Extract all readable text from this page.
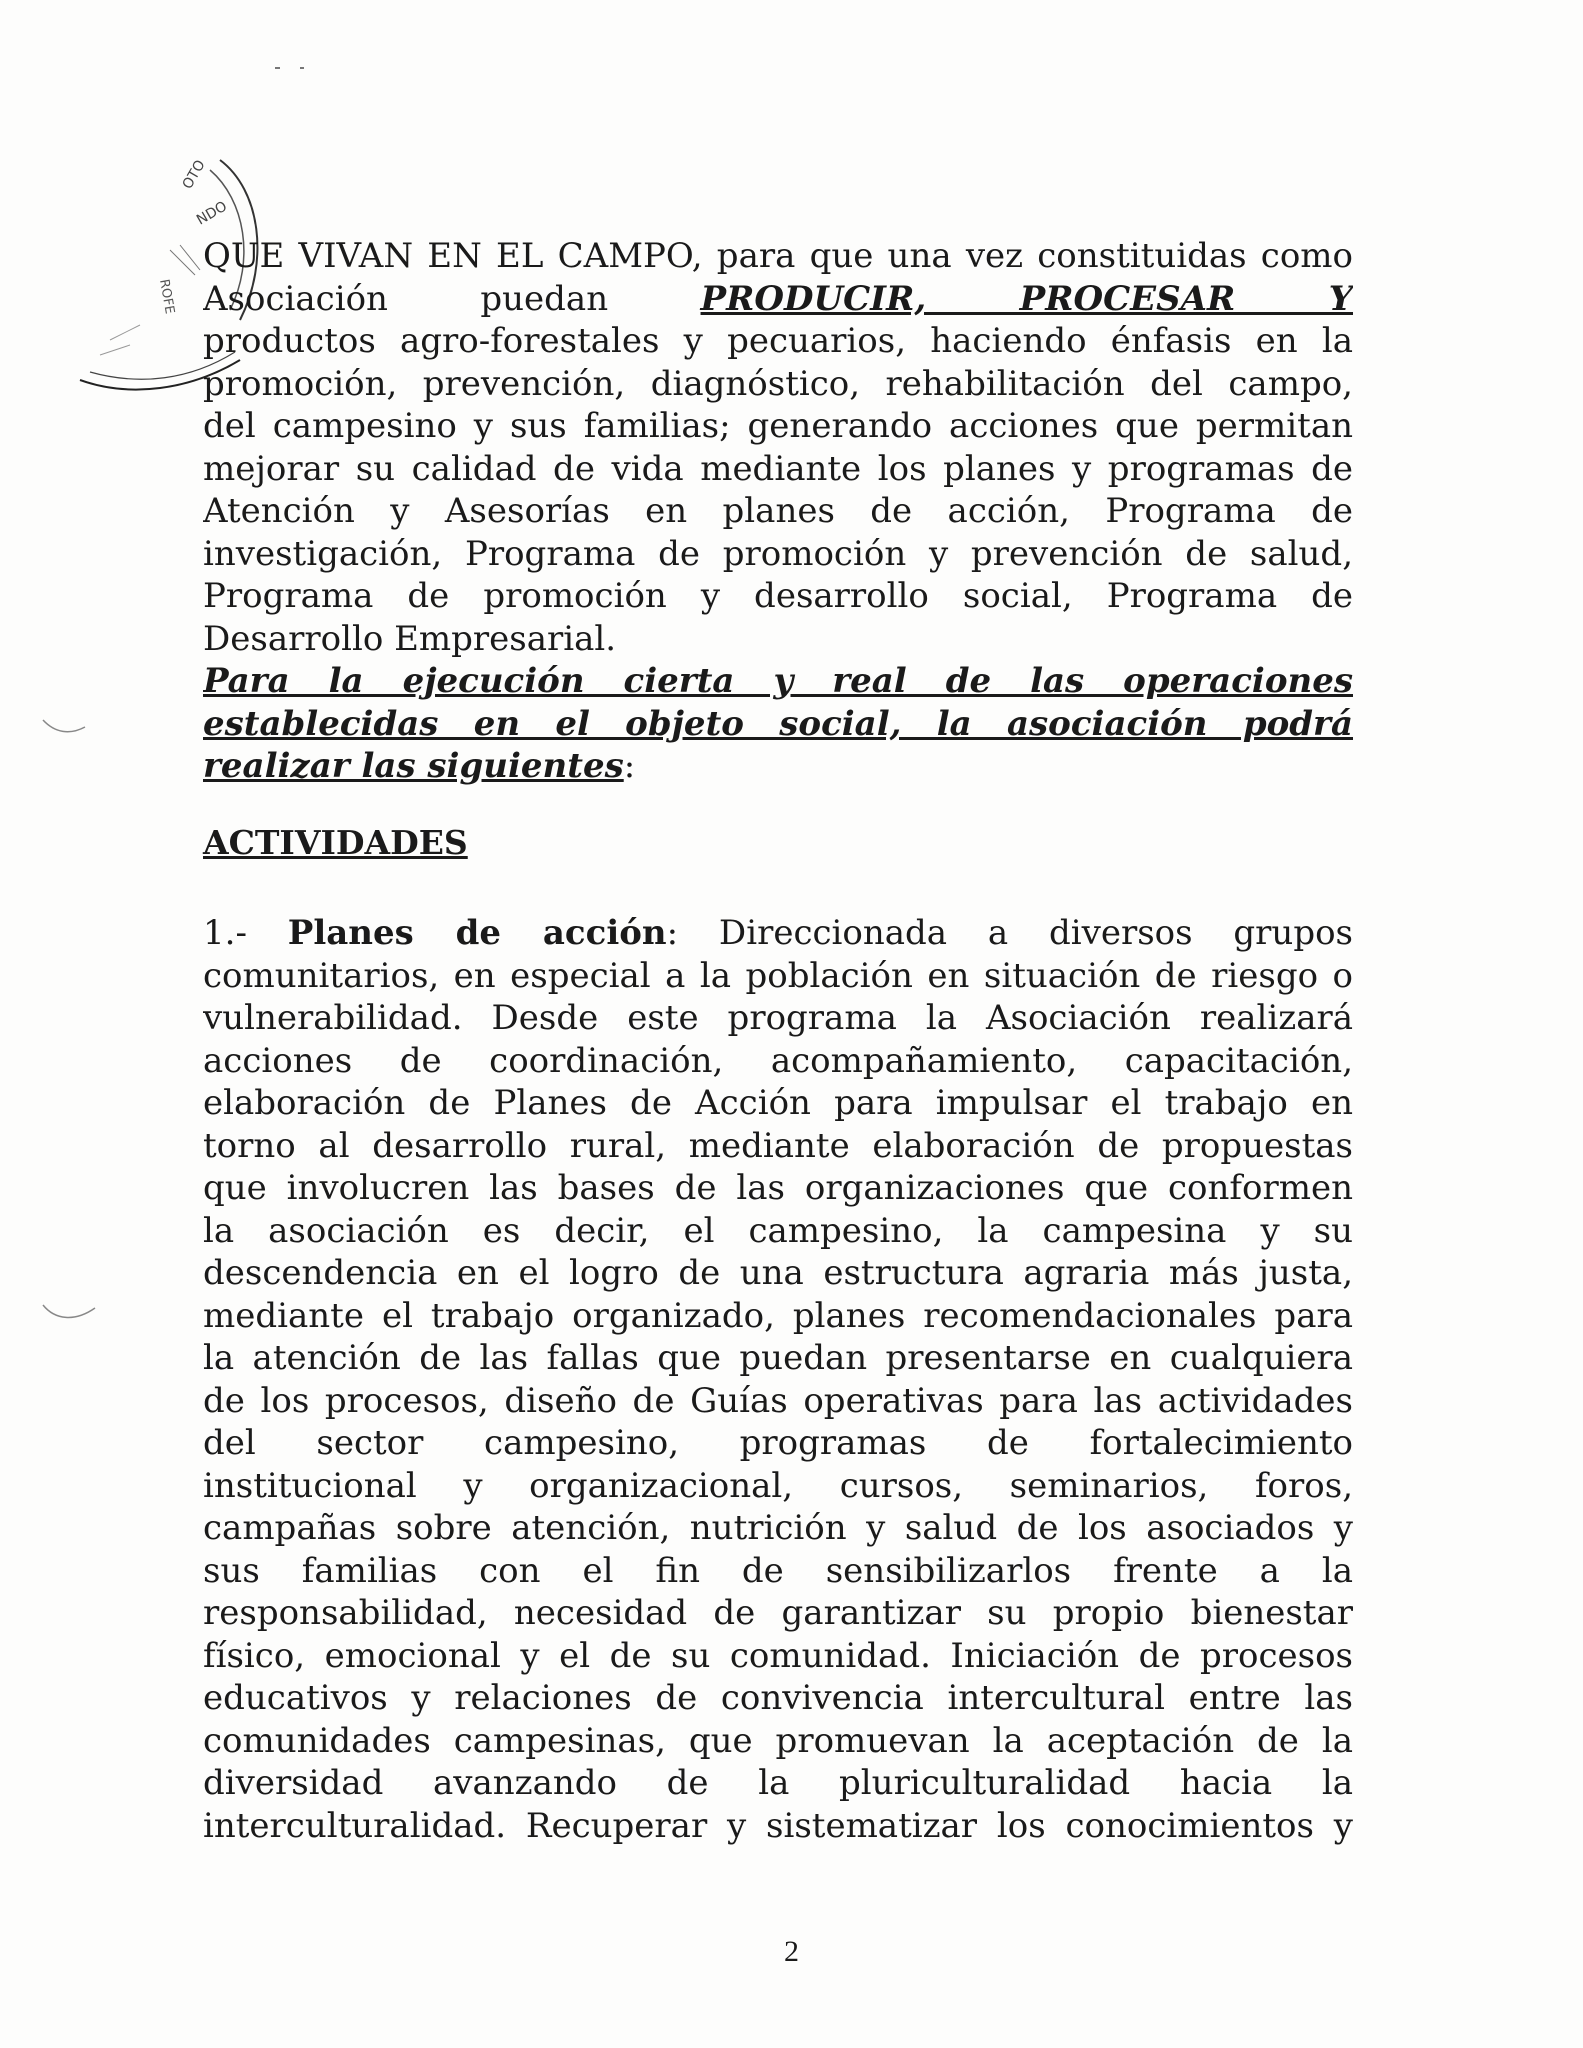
OTO
NDO
ROFE
QUE VIVAN EN EL CAMPO, para que una vez constituidas como
Asociación puedan PRODUCIR, PROCESAR Y
productos agro-forestales y pecuarios, haciendo énfasis en la
promoción, prevención, diagnóstico, rehabilitación del campo,
del campesino y sus familias; generando acciones que permitan
mejorar su calidad de vida mediante los planes y programas de
Atención y Asesorías en planes de acción, Programa de
investigación, Programa de promoción y prevención de salud,
Programa de promoción y desarrollo social, Programa de
Desarrollo Empresarial.
Para la ejecución cierta y real de las operaciones
establecidas en el objeto social, la asociación podrá
realizar las siguientes:
ACTIVIDADES
1.- Planes de acción: Direccionada a diversos grupos
comunitarios, en especial a la población en situación de riesgo o
vulnerabilidad. Desde este programa la Asociación realizará
acciones de coordinación, acompañamiento, capacitación,
elaboración de Planes de Acción para impulsar el trabajo en
torno al desarrollo rural, mediante elaboración de propuestas
que involucren las bases de las organizaciones que conformen
la asociación es decir, el campesino, la campesina y su
descendencia en el logro de una estructura agraria más justa,
mediante el trabajo organizado, planes recomendacionales para
la atención de las fallas que puedan presentarse en cualquiera
de los procesos, diseño de Guías operativas para las actividades
del sector campesino, programas de fortalecimiento
institucional y organizacional, cursos, seminarios, foros,
campañas sobre atención, nutrición y salud de los asociados y
sus familias con el fin de sensibilizarlos frente a la
responsabilidad, necesidad de garantizar su propio bienestar
físico, emocional y el de su comunidad. Iniciación de procesos
educativos y relaciones de convivencia intercultural entre las
comunidades campesinas, que promuevan la aceptación de la
diversidad avanzando de la pluriculturalidad hacia la
interculturalidad. Recuperar y sistematizar los conocimientos y
2
